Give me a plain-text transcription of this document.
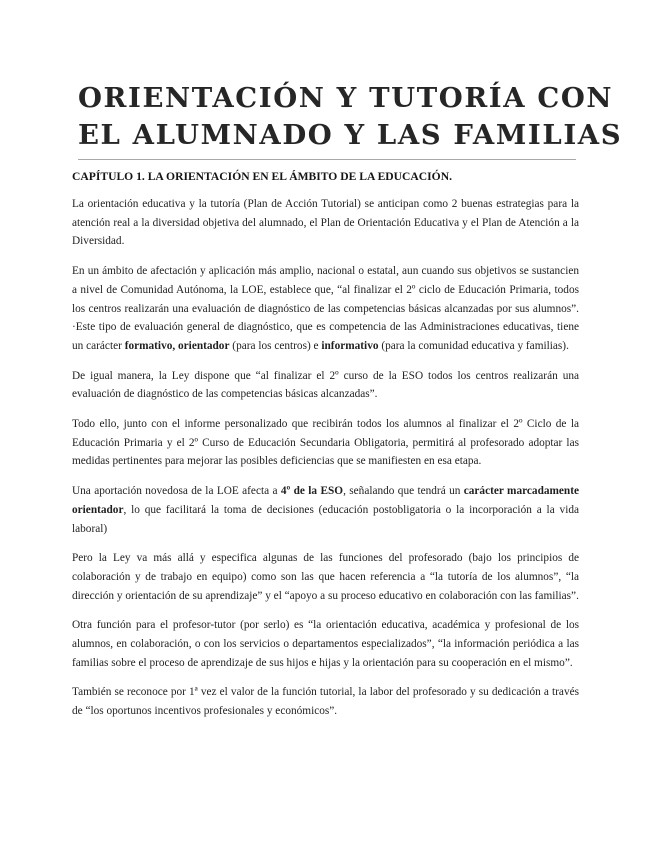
ORIENTACIÓN Y TUTORÍA CON
EL ALUMNADO Y LAS FAMILIAS
CAPÍTULO 1. LA ORIENTACIÓN EN EL ÁMBITO DE LA EDUCACIÓN.

La orientación educativa y la tutoría (Plan de Acción Tutorial) se anticipan como 2 buenas estrategias para la atención real a la diversidad objetiva del alumnado, el Plan de Orientación Educativa y el Plan de Atención a la Diversidad.

En un ámbito de afectación y aplicación más amplio, nacional o estatal, aun cuando sus objetivos se sustancien a nivel de Comunidad Autónoma, la LOE, establece que, “al finalizar el 2º ciclo de Educación Primaria, todos los centros realizarán una evaluación de diagnóstico de las competencias básicas alcanzadas por sus alumnos”. ·Este tipo de evaluación general de diagnóstico, que es competencia de las Administraciones educativas, tiene un carácter formativo, orientador (para los centros) e informativo (para la comunidad educativa y familias).

De igual manera, la Ley dispone que “al finalizar el 2º curso de la ESO todos los centros realizarán una evaluación de diagnóstico de las competencias básicas alcanzadas”.

Todo ello, junto con el informe personalizado que recibirán todos los alumnos al finalizar el 2º Ciclo de la Educación Primaria y el 2º Curso de Educación Secundaria Obligatoria, permitirá al profesorado adoptar las medidas pertinentes para mejorar las posibles deficiencias que se manifiesten en esa etapa.

Una aportación novedosa de la LOE afecta a 4º de la ESO, señalando que tendrá un carácter marcadamente orientador, lo que facilitará la toma de decisiones (educación postobligatoria o la incorporación a la vida laboral)

Pero la Ley va más allá y especifica algunas de las funciones del profesorado (bajo los principios de colaboración y de trabajo en equipo) como son las que hacen referencia a “la tutoría de los alumnos”, “la dirección y orientación de su aprendizaje” y el “apoyo a su proceso educativo en colaboración con las familias”.

Otra función para el profesor-tutor (por serlo) es “la orientación educativa, académica y profesional de los alumnos, en colaboración, o con los servicios o departamentos especializados”, “la información periódica a las familias sobre el proceso de aprendizaje de sus hijos e hijas y la orientación para su cooperación en el mismo”.

También se reconoce por 1ª vez el valor de la función tutorial, la labor del profesorado y su dedicación a través de “los oportunos incentivos profesionales y económicos”.
